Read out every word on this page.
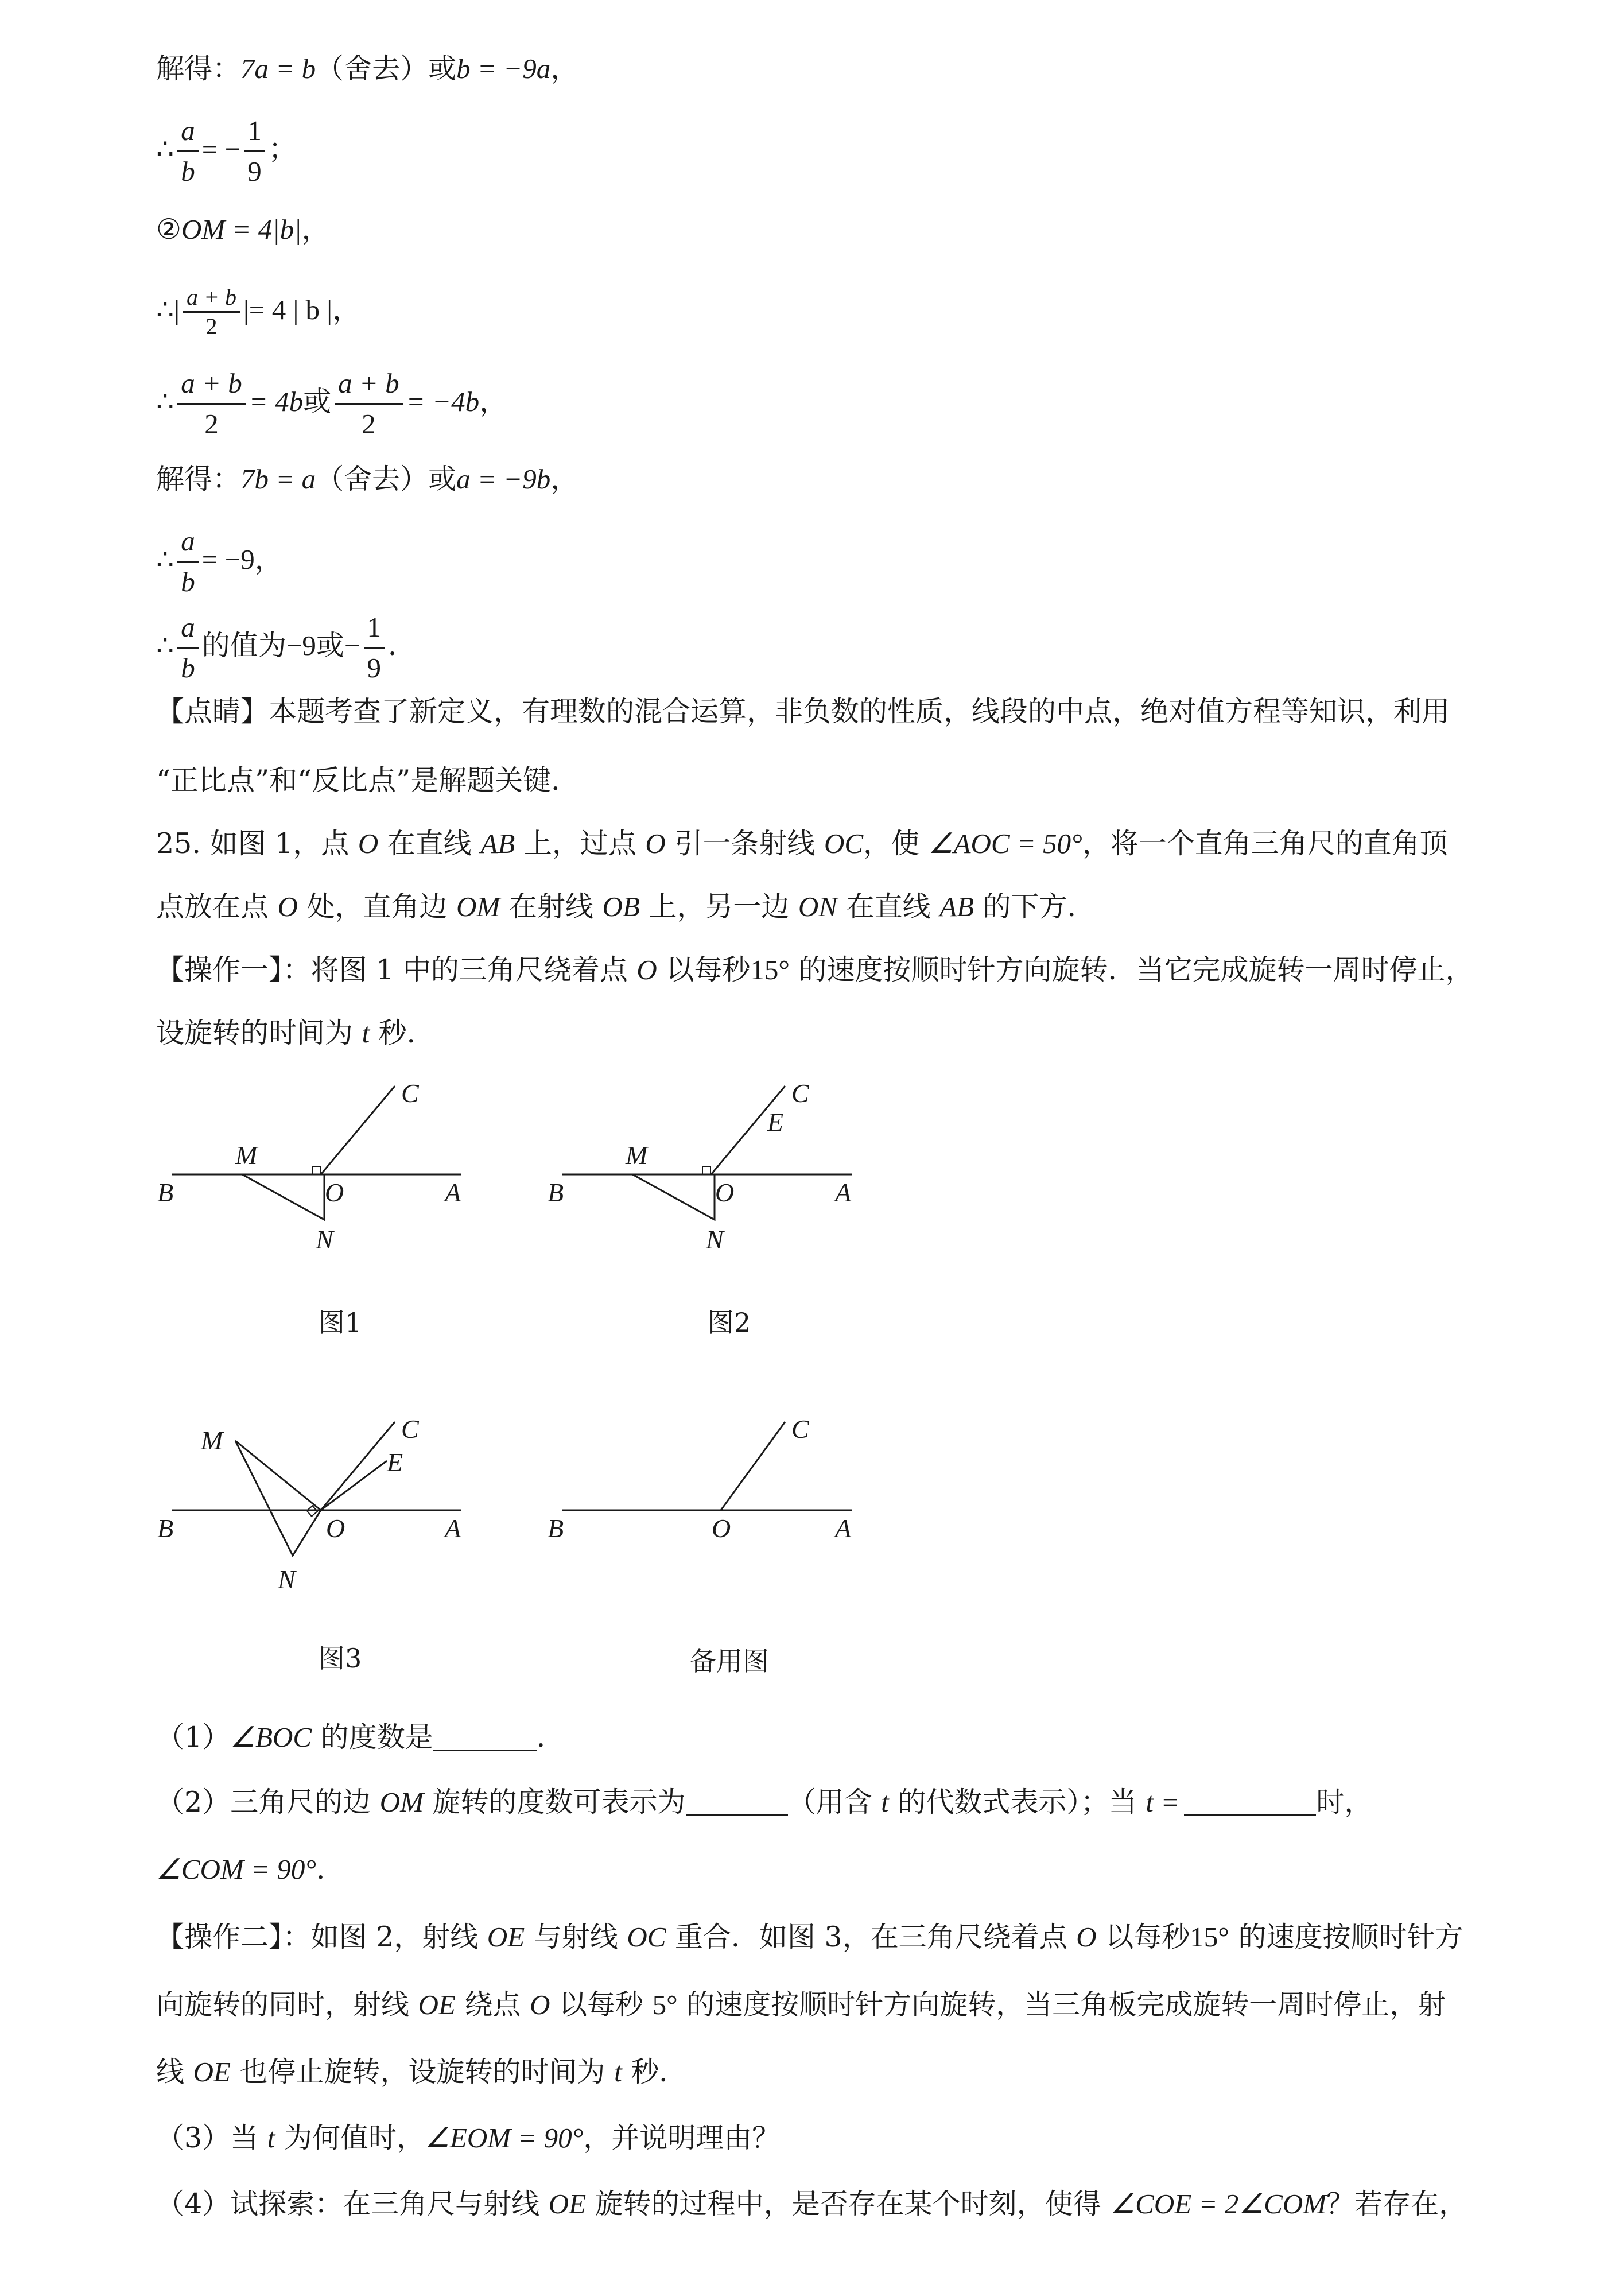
解得：7a = b（舍去）或b = −9a，
∴ $\frac{a}{b}$ = − $\frac{1}{9}$ ；
②OM = 4|b|，
∴| $\frac{a + b}{2}$ |= 4 | b |，
∴ $\frac{a + b}{2} = 4b$或 $\frac{a + b}{2} = -4b$，
解得：7b = a（舍去）或a = −9b，
∴ $\frac{a}{b} = -9$，
∴ $\frac{a}{b}$ 的值为−9或− $\frac{1}{9}$ ．
【点睛】本题考查了新定义，有理数的混合运算，非负数的性质，线段的中点，绝对值方程等知识，利用
“正比点”和“反比点”是解题关键．
25. 如图 1，点 O 在直线 AB 上，过点 O 引一条射线 OC，使 ∠AOC = 50°，将一个直角三角尺的直角顶
点放在点 O 处，直角边 OM 在射线 OB 上，另一边 ON 在直线 AB 的下方．
【操作一】：将图 1 中的三角尺绕着点 O 以每秒15° 的速度按顺时针方向旋转．当它完成旋转一周时停止，
设旋转的时间为 t 秒．
B
M
O	A
N
C
图1
B
M
O	A
N
C
E
图2
B
M
O	A
N
C
E
图3
B	O	A
C
备用图
（1）∠BOC 的度数是	．
（2）三角尺的边 OM 旋转的度数可表示为	（用含 t 的代数式表示）；当 t =	时，
∠COM = 90°．
【操作二】：如图 2，射线 OE 与射线 OC 重合．如图 3，在三角尺绕着点 O 以每秒15° 的速度按顺时针方
向旋转的同时，射线 OE 绕点 O 以每秒 5° 的速度按顺时针方向旋转，当三角板完成旋转一周时停止，射
线 OE 也停止旋转，设旋转的时间为 t 秒．
（3）当 t 为何值时，∠EOM = 90°，并说明理由？
（4）试探索：在三角尺与射线 OE 旋转的过程中，是否存在某个时刻，使得 ∠COE = 2∠COM？若存在，
